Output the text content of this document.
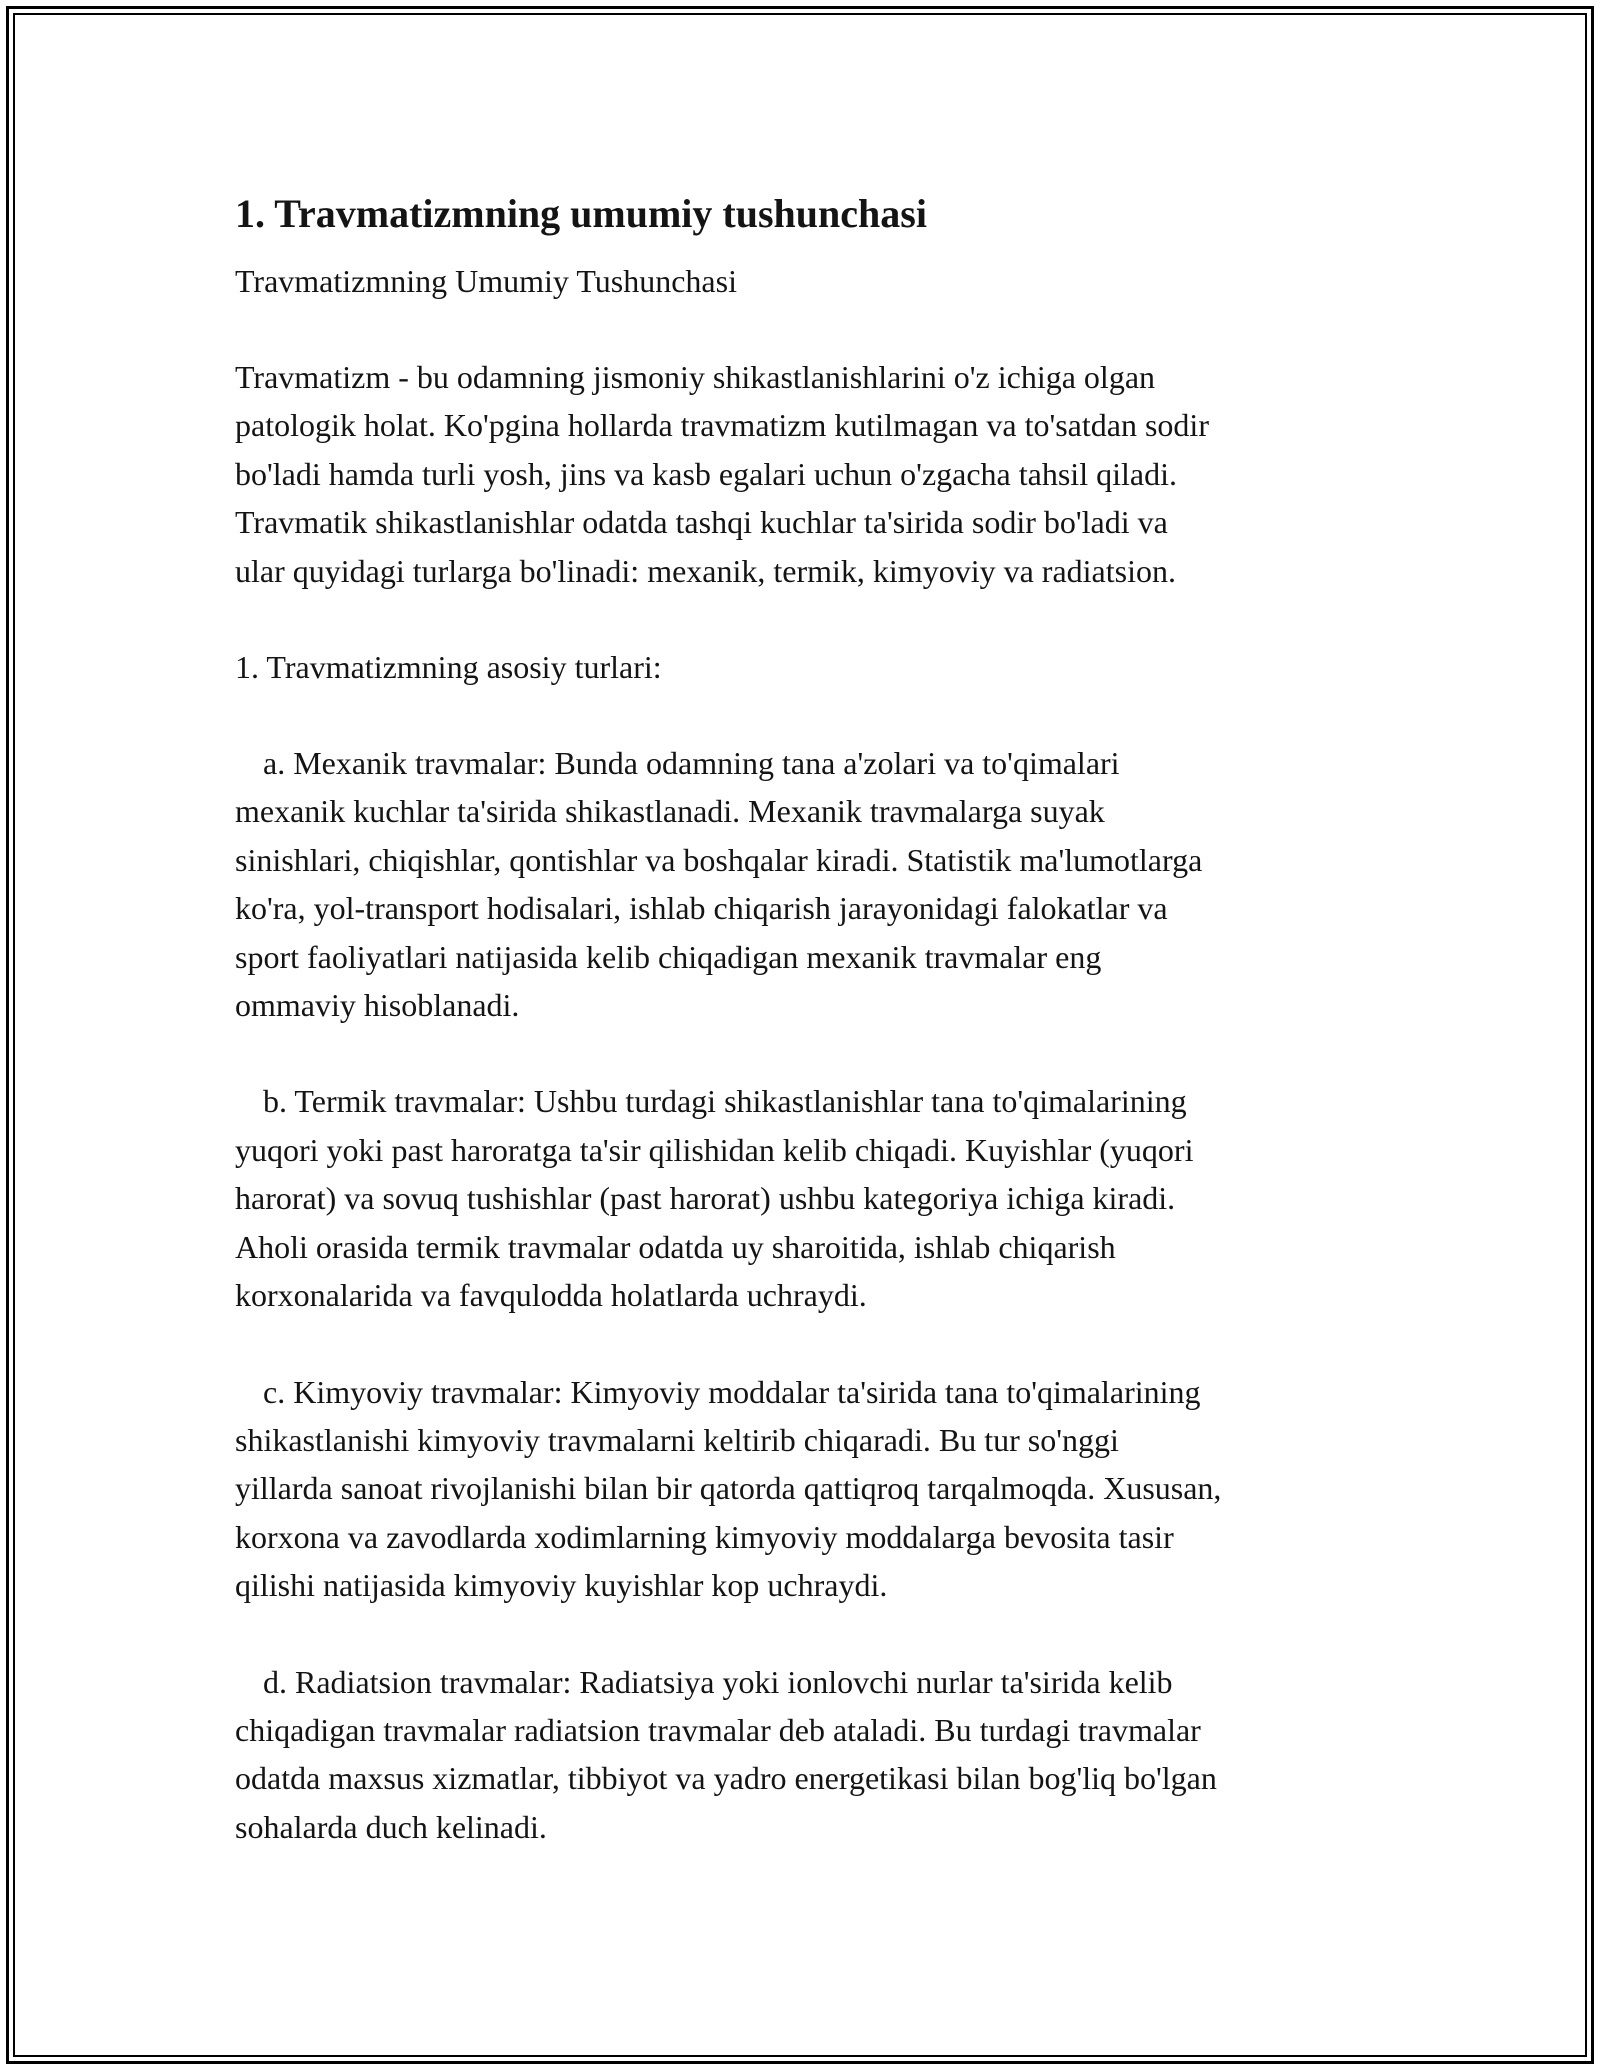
1. Travmatizmning umumiy tushunchasi
Travmatizmning Umumiy Tushunchasi
Travmatizm - bu odamning jismoniy shikastlanishlarini o'z ichiga olgan
patologik holat. Ko'pgina hollarda travmatizm kutilmagan va to'satdan sodir
bo'ladi hamda turli yosh, jins va kasb egalari uchun o'zgacha tahsil qiladi.
Travmatik shikastlanishlar odatda tashqi kuchlar ta'sirida sodir bo'ladi va
ular quyidagi turlarga bo'linadi: mexanik, termik, kimyoviy va radiatsion.
1. Travmatizmning asosiy turlari:
a. Mexanik travmalar: Bunda odamning tana a'zolari va to'qimalari
mexanik kuchlar ta'sirida shikastlanadi. Mexanik travmalarga suyak
sinishlari, chiqishlar, qontishlar va boshqalar kiradi. Statistik ma'lumotlarga
ko'ra, yol-transport hodisalari, ishlab chiqarish jarayonidagi falokatlar va
sport faoliyatlari natijasida kelib chiqadigan mexanik travmalar eng
ommaviy hisoblanadi.
b. Termik travmalar: Ushbu turdagi shikastlanishlar tana to'qimalarining
yuqori yoki past haroratga ta'sir qilishidan kelib chiqadi. Kuyishlar (yuqori
harorat) va sovuq tushishlar (past harorat) ushbu kategoriya ichiga kiradi.
Aholi orasida termik travmalar odatda uy sharoitida, ishlab chiqarish
korxonalarida va favqulodda holatlarda uchraydi.
c. Kimyoviy travmalar: Kimyoviy moddalar ta'sirida tana to'qimalarining
shikastlanishi kimyoviy travmalarni keltirib chiqaradi. Bu tur so'nggi
yillarda sanoat rivojlanishi bilan bir qatorda qattiqroq tarqalmoqda. Xususan,
korxona va zavodlarda xodimlarning kimyoviy moddalarga bevosita tasir
qilishi natijasida kimyoviy kuyishlar kop uchraydi.
d. Radiatsion travmalar: Radiatsiya yoki ionlovchi nurlar ta'sirida kelib
chiqadigan travmalar radiatsion travmalar deb ataladi. Bu turdagi travmalar
odatda maxsus xizmatlar, tibbiyot va yadro energetikasi bilan bog'liq bo'lgan
sohalarda duch kelinadi.
